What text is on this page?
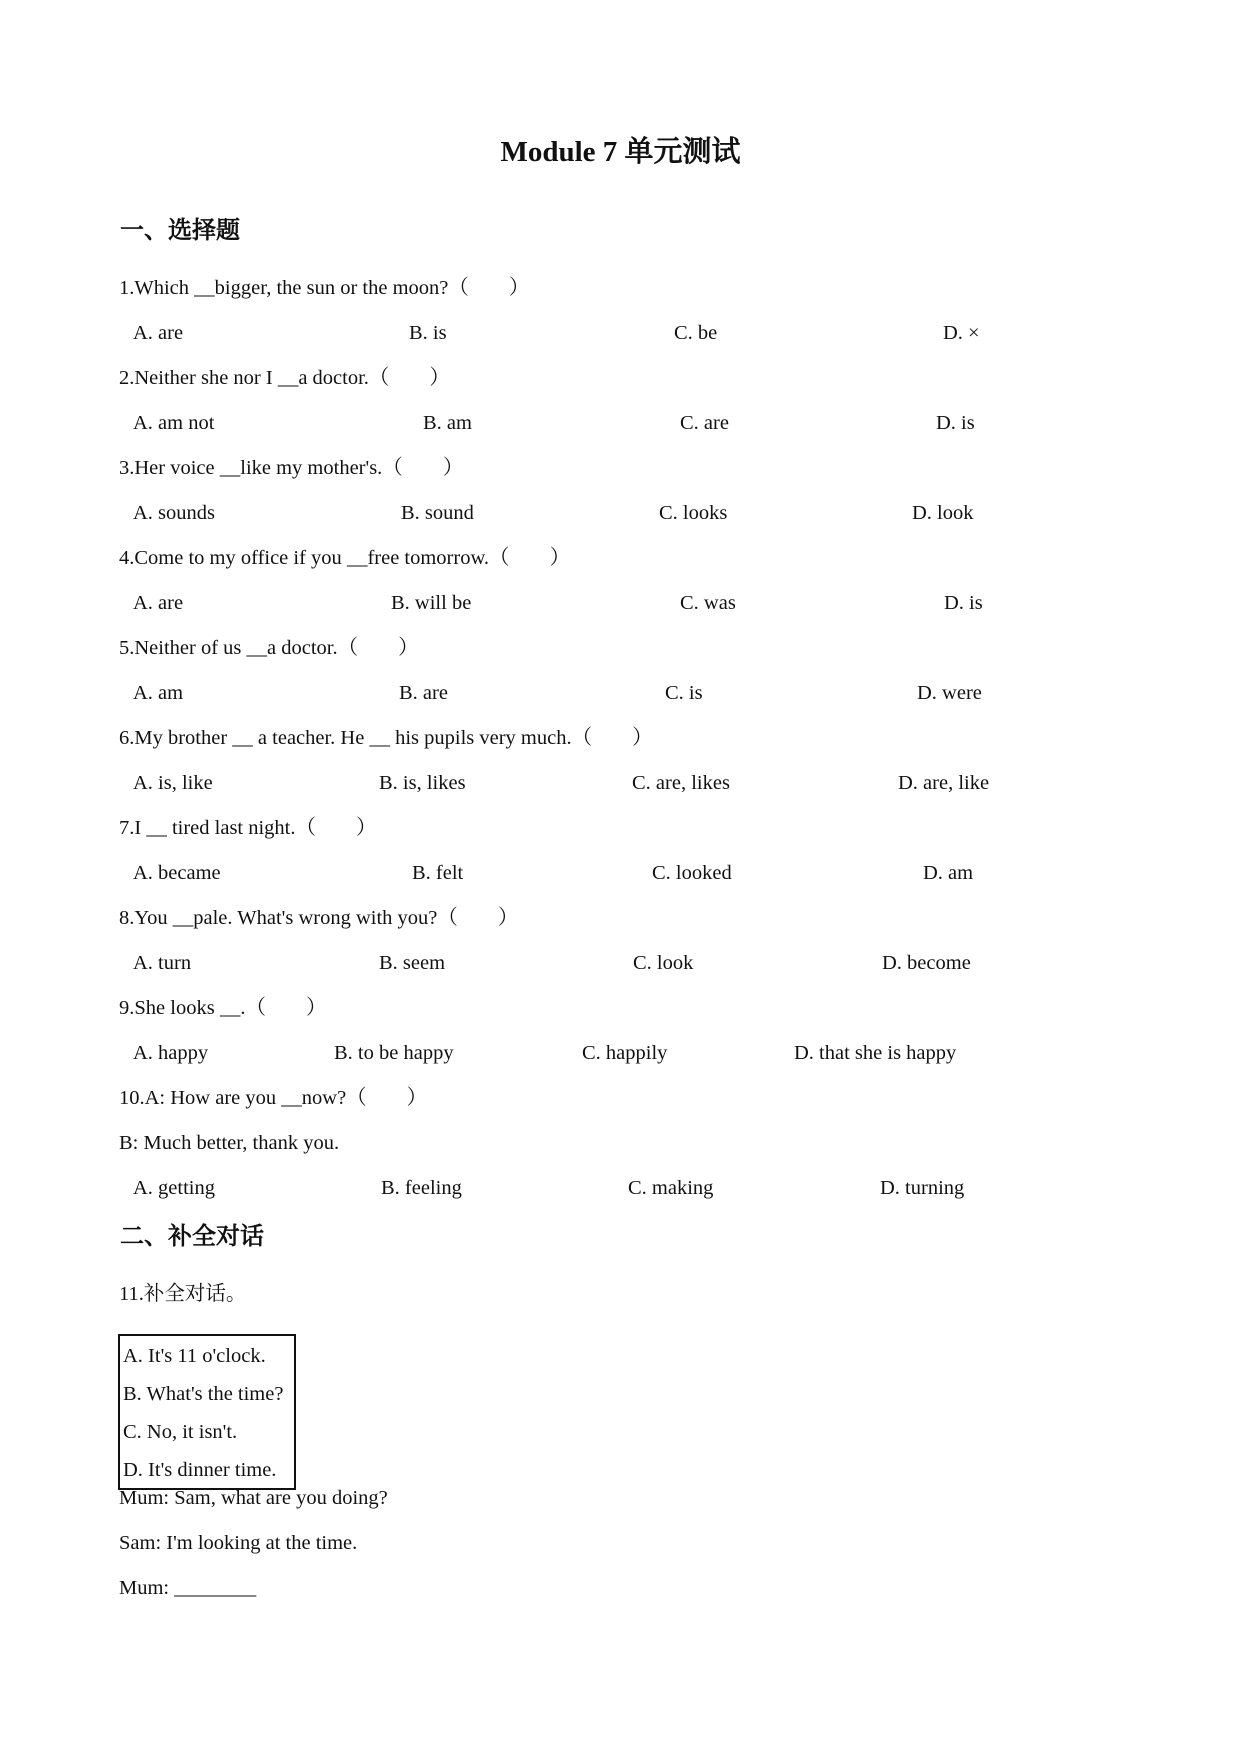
Module 7 单元测试
一、选择题
1.Which __bigger, the sun or the moon?（ ）
A. are	B. is	C. be	D. ×
2.Neither she nor I __a doctor.（ ）
A. am not	B. am	C. are	D. is
3.Her voice __like my mother's.（ ）
A. sounds	B. sound	C. looks	D. look
4.Come to my office if you __free tomorrow.（ ）
A. are	B. will be	C. was	D. is
5.Neither of us __a doctor.（ ）
A. am	B. are	C. is	D. were
6.My brother __ a teacher. He __ his pupils very much.（ ）
A. is, like	B. is, likes	C. are, likes	D. are, like
7.I __ tired last night.（ ）
A. became	B. felt	C. looked	D. am
8.You __pale. What's wrong with you?（ ）
A. turn	B. seem	C. look	D. become
9.She looks __.（ ）
A. happy	B. to be happy	C. happily	D. that she is happy
10.A: How are you __now?（ ）
B: Much better, thank you.
A. getting	B. feeling	C. making	D. turning
二、补全对话
11.补全对话。
A. It's 11 o'clock.
B. What's the time?
C. No, it isn't.
D. It's dinner time.
Mum: Sam, what are you doing?
Sam: I'm looking at the time.
Mum: ________
